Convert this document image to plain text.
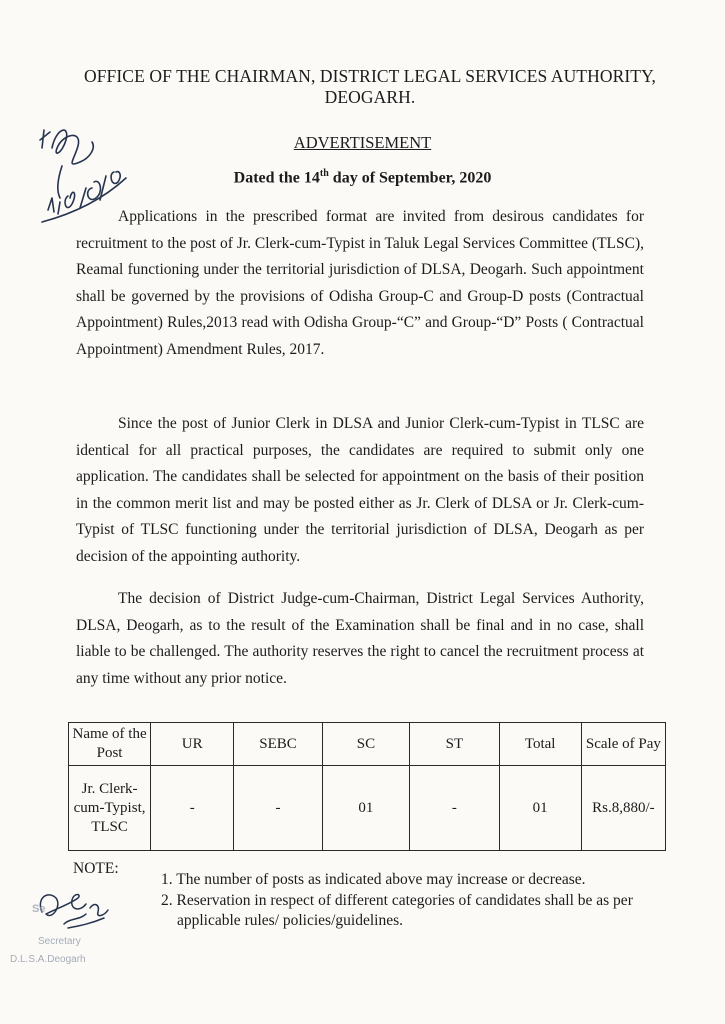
OFFICE OF THE CHAIRMAN, DISTRICT LEGAL SERVICES AUTHORITY,
DEOGARH.
ADVERTISEMENT
Dated the 14th day of September, 2020

Applications in the prescribed format are invited from desirous candidates for recruitment to the post of Jr. Clerk-cum-Typist in Taluk Legal Services Committee (TLSC), Reamal functioning under the territorial jurisdiction of DLSA, Deogarh. Such appointment shall be governed by the provisions of Odisha Group-C and Group-D posts (Contractual Appointment) Rules,2013 read with Odisha Group-“C” and Group-“D” Posts ( Contractual Appointment) Amendment Rules, 2017.

Since the post of Junior Clerk in DLSA and Junior Clerk-cum-Typist in TLSC are identical for all practical purposes, the candidates are required to submit only one application. The candidates shall be selected for appointment on the basis of their position in the common merit list and may be posted either as Jr. Clerk of DLSA or Jr. Clerk-cum-Typist of TLSC functioning under the territorial jurisdiction of DLSA, Deogarh as per decision of the appointing authority.

The decision of District Judge-cum-Chairman, District Legal Services Authority, DLSA, Deogarh, as to the result of the Examination shall be final and in no case, shall liable to be challenged. The authority reserves the right to cancel the recruitment process at any time without any prior notice.

Name of the Post	UR	SEBC	SC	ST	Total	Scale of Pay
Jr. Clerk-cum-Typist, TLSC	-	-	01	-	01	Rs.8,880/-
NOTE:
1. The number of posts as indicated above may increase or decrease.
2. Reservation in respect of different categories of candidates shall be as per applicable rules/ policies/guidelines.
Se
Secretary
D.L.S.A.Deogarh
